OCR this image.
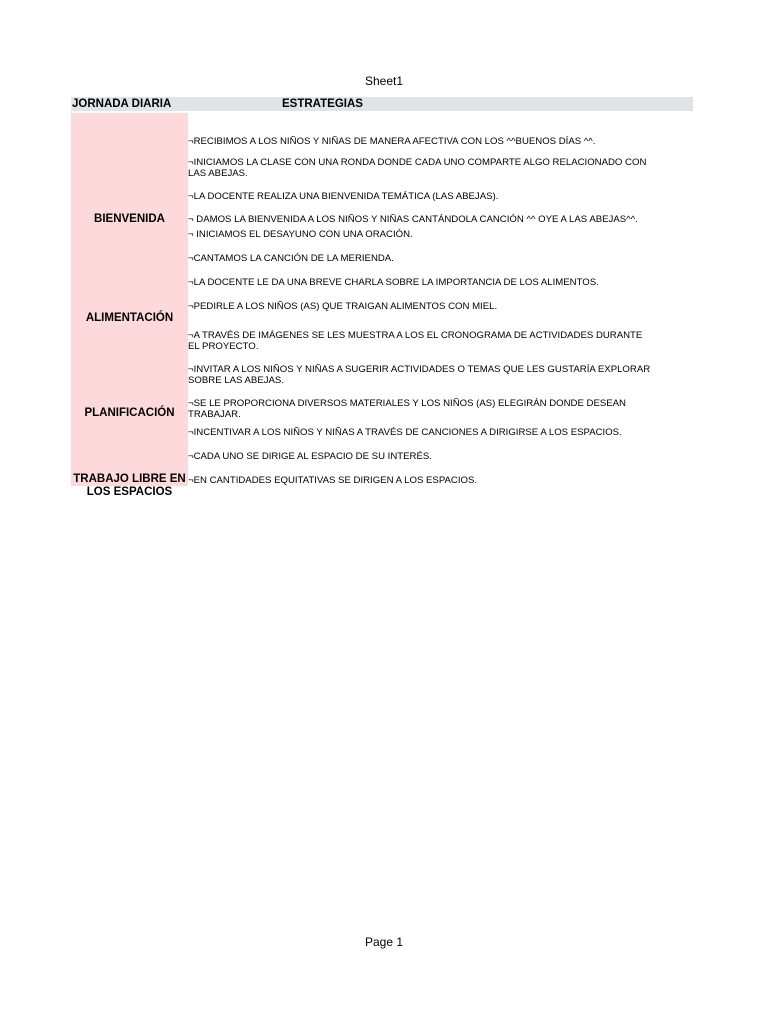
Sheet1
JORNADA DIARIA	ESTRATEGIAS
BIENVENIDA
ALIMENTACIÓN
PLANIFICACIÓN
TRABAJO LIBRE EN
LOS ESPACIOS
¬RECIBIMOS A LOS NIÑOS Y NIÑAS DE MANERA AFECTIVA CON LOS ^^BUENOS DÍAS ^^.
¬INICIAMOS LA CLASE CON UNA RONDA DONDE CADA UNO COMPARTE ALGO RELACIONADO CON
LAS ABEJAS.
¬LA DOCENTE REALIZA UNA BIENVENIDA TEMÁTICA (LAS ABEJAS).
¬ DAMOS LA BIENVENIDA A LOS NIÑOS Y NIÑAS CANTÁNDOLA CANCIÓN ^^ OYE A LAS ABEJAS^^.
¬ INICIAMOS EL DESAYUNO CON UNA ORACIÓN.
¬CANTAMOS LA CANCIÓN DE LA MERIENDA.
¬LA DOCENTE LE DA UNA BREVE CHARLA SOBRE LA IMPORTANCIA DE LOS ALIMENTOS.
¬PEDIRLE A LOS NIÑOS (AS) QUE TRAIGAN ALIMENTOS CON MIEL.
¬A TRAVÉS DE IMÁGENES SE LES MUESTRA A LOS EL CRONOGRAMA DE ACTIVIDADES DURANTE
EL PROYECTO.
¬INVITAR A LOS NIÑOS Y NIÑAS A SUGERIR ACTIVIDADES O TEMAS QUE LES GUSTARÍA EXPLORAR
SOBRE LAS ABEJAS.
¬SE LE PROPORCIONA DIVERSOS MATERIALES Y LOS NIÑOS (AS) ELEGIRÁN DONDE DESEAN
TRABAJAR.
¬INCENTIVAR A LOS NIÑOS Y NIÑAS A TRAVÉS DE CANCIONES A DIRIGIRSE A LOS ESPACIOS.
¬CADA UNO SE DIRIGE AL ESPACIO DE SU INTERÉS.
¬EN CANTIDADES EQUITATIVAS SE DIRIGEN A LOS ESPACIOS.
Page 1
